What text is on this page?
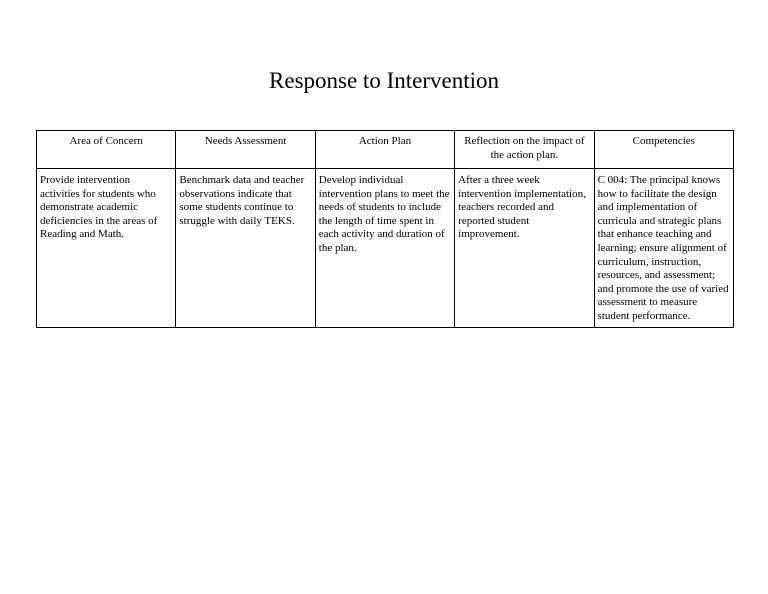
Response to Intervention
Area of Concern	Needs Assessment	Action Plan	Reflection on the impact of the action plan.	Competencies
Provide intervention activities for students who demonstrate academic deficiencies in the areas of Reading and Math.	Benchmark data and teacher observations indicate that some students continue to struggle with daily TEKS.	Develop individual intervention plans to meet the needs of students to include the length of time spent in each activity and duration of the plan.	After a three week intervention implementation, teachers recorded and reported student improvement.	C 004: The principal knows how to facilitate the design and implementation of curricula and strategic plans that enhance teaching and learning; ensure alignment of curriculum, instruction, resources, and assessment; and promote the use of varied assessment to measure student performance.
